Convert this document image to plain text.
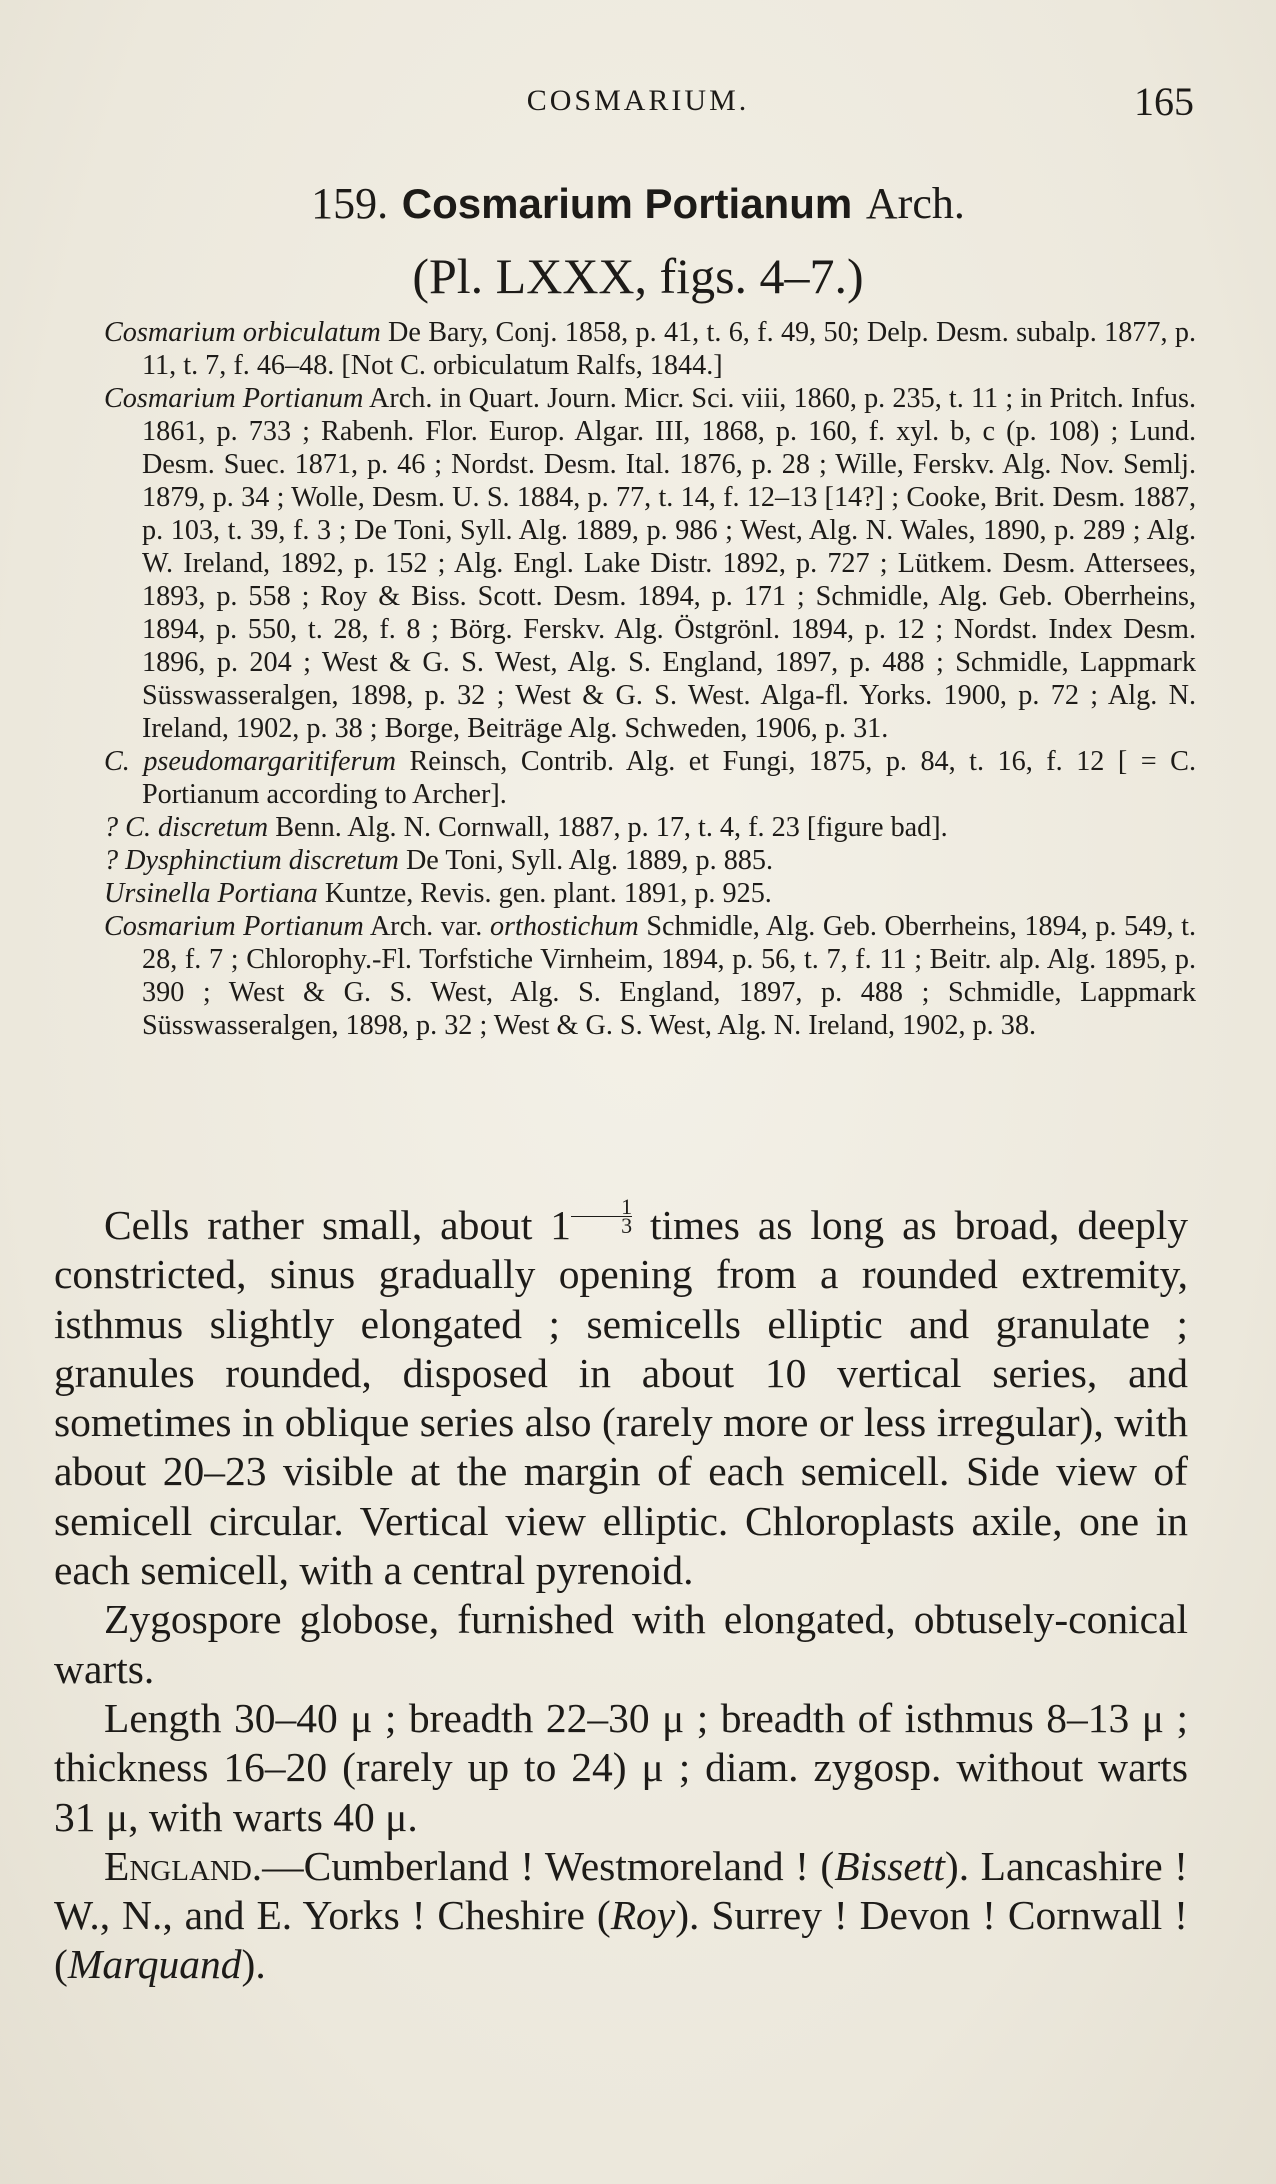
COSMARIUM.	165
159. Cosmarium Portianum Arch.
(Pl. LXXX, figs. 4–7.)
Cosmarium orbiculatum De Bary, Conj. 1858, p. 41, t. 6, f. 49, 50; Delp. Desm. subalp. 1877, p. 11, t. 7, f. 46–48. [Not C. orbiculatum Ralfs, 1844.]
Cosmarium Portianum Arch. in Quart. Journ. Micr. Sci. viii, 1860, p. 235, t. 11 ; in Pritch. Infus. 1861, p. 733 ; Rabenh. Flor. Europ. Algar. III, 1868, p. 160, f. xyl. b, c (p. 108) ; Lund. Desm. Suec. 1871, p. 46 ; Nordst. Desm. Ital. 1876, p. 28 ; Wille, Ferskv. Alg. Nov. Semlj. 1879, p. 34 ; Wolle, Desm. U. S. 1884, p. 77, t. 14, f. 12–13 [14?] ; Cooke, Brit. Desm. 1887, p. 103, t. 39, f. 3 ; De Toni, Syll. Alg. 1889, p. 986 ; West, Alg. N. Wales, 1890, p. 289 ; Alg. W. Ireland, 1892, p. 152 ; Alg. Engl. Lake Distr. 1892, p. 727 ; Lütkem. Desm. Attersees, 1893, p. 558 ; Roy & Biss. Scott. Desm. 1894, p. 171 ; Schmidle, Alg. Geb. Oberrheins, 1894, p. 550, t. 28, f. 8 ; Börg. Ferskv. Alg. Östgrönl. 1894, p. 12 ; Nordst. Index Desm. 1896, p. 204 ; West & G. S. West, Alg. S. England, 1897, p. 488 ; Schmidle, Lappmark Süsswasseralgen, 1898, p. 32 ; West & G. S. West. Alga-fl. Yorks. 1900, p. 72 ; Alg. N. Ireland, 1902, p. 38 ; Borge, Beiträge Alg. Schweden, 1906, p. 31.
C. pseudomargaritiferum Reinsch, Contrib. Alg. et Fungi, 1875, p. 84, t. 16, f. 12 [ = C. Portianum according to Archer].
? C. discretum Benn. Alg. N. Cornwall, 1887, p. 17, t. 4, f. 23 [figure bad].
? Dysphinctium discretum De Toni, Syll. Alg. 1889, p. 885.
Ursinella Portiana Kuntze, Revis. gen. plant. 1891, p. 925.
Cosmarium Portianum Arch. var. orthostichum Schmidle, Alg. Geb. Oberrheins, 1894, p. 549, t. 28, f. 7 ; Chlorophy.-Fl. Torfstiche Virnheim, 1894, p. 56, t. 7, f. 11 ; Beitr. alp. Alg. 1895, p. 390 ; West & G. S. West, Alg. S. England, 1897, p. 488 ; Schmidle, Lappmark Süsswasseralgen, 1898, p. 32 ; West & G. S. West, Alg. N. Ireland, 1902, p. 38.

Cells rather small, about $1 \frac{1}{3}$ times as long as broad, deeply constricted, sinus gradually opening from a rounded extremity, isthmus slightly elongated ; semicells elliptic and granulate ; granules rounded, disposed in about 10 vertical series, and sometimes in oblique series also (rarely more or less irregular), with about 20–23 visible at the margin of each semicell. Side view of semicell circular. Vertical view elliptic. Chloroplasts axile, one in each semicell, with a central pyrenoid.

Zygospore globose, furnished with elongated, obtusely-conical warts.

Length 30–40 μ ; breadth 22–30 μ ; breadth of isthmus 8–13 μ ; thickness 16–20 (rarely up to 24) μ ; diam. zygosp. without warts 31 μ, with warts 40 μ.

England.—Cumberland ! Westmoreland ! (Bissett). Lancashire ! W., N., and E. Yorks ! Cheshire (Roy). Surrey ! Devon ! Cornwall ! (Marquand).
